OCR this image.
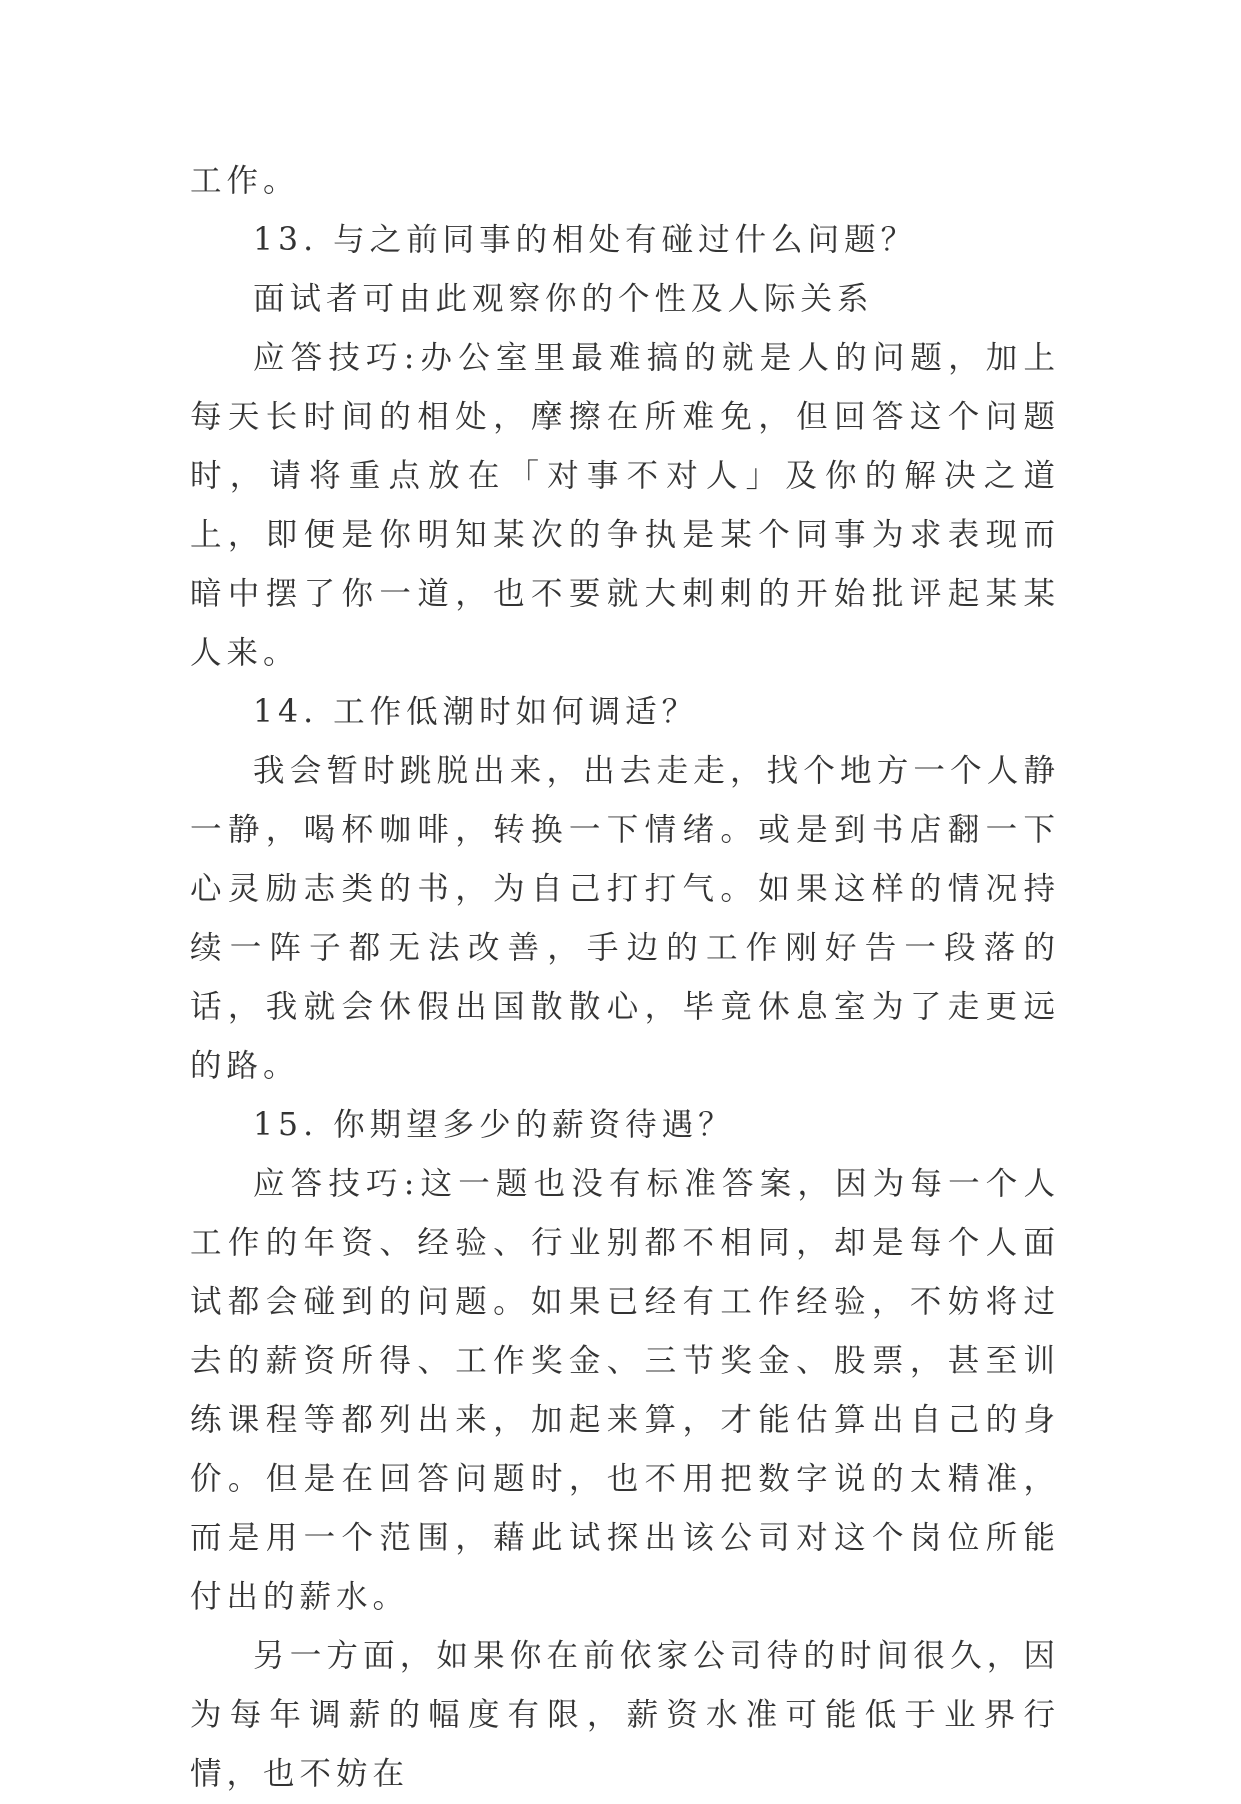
工作。

13. 与之前同事的相处有碰过什么问题？

面试者可由此观察你的个性及人际关系

应答技巧:办公室里最难搞的就是人的问题，加上每天长时间的相处，摩擦在所难免，但回答这个问题时，请将重点放在「对事不对人」及你的解决之道上，即便是你明知某次的争执是某个同事为求表现而暗中摆了你一道，也不要就大剌剌的开始批评起某某人来。

14. 工作低潮时如何调适？

我会暂时跳脱出来，出去走走，找个地方一个人静一静，喝杯咖啡，转换一下情绪。或是到书店翻一下心灵励志类的书，为自己打打气。如果这样的情况持续一阵子都无法改善，手边的工作刚好告一段落的话，我就会休假出国散散心，毕竟休息室为了走更远的路。

15. 你期望多少的薪资待遇？

应答技巧:这一题也没有标准答案，因为每一个人工作的年资、经验、行业别都不相同，却是每个人面试都会碰到的问题。如果已经有工作经验，不妨将过去的薪资所得、工作奖金、三节奖金、股票，甚至训练课程等都列出来，加起来算，才能估算出自己的身价。但是在回答问题时，也不用把数字说的太精准，而是用一个范围，藉此试探出该公司对这个岗位所能付出的薪水。

另一方面，如果你在前依家公司待的时间很久，因为每年调薪的幅度有限，薪资水准可能低于业界行情，也不妨在
